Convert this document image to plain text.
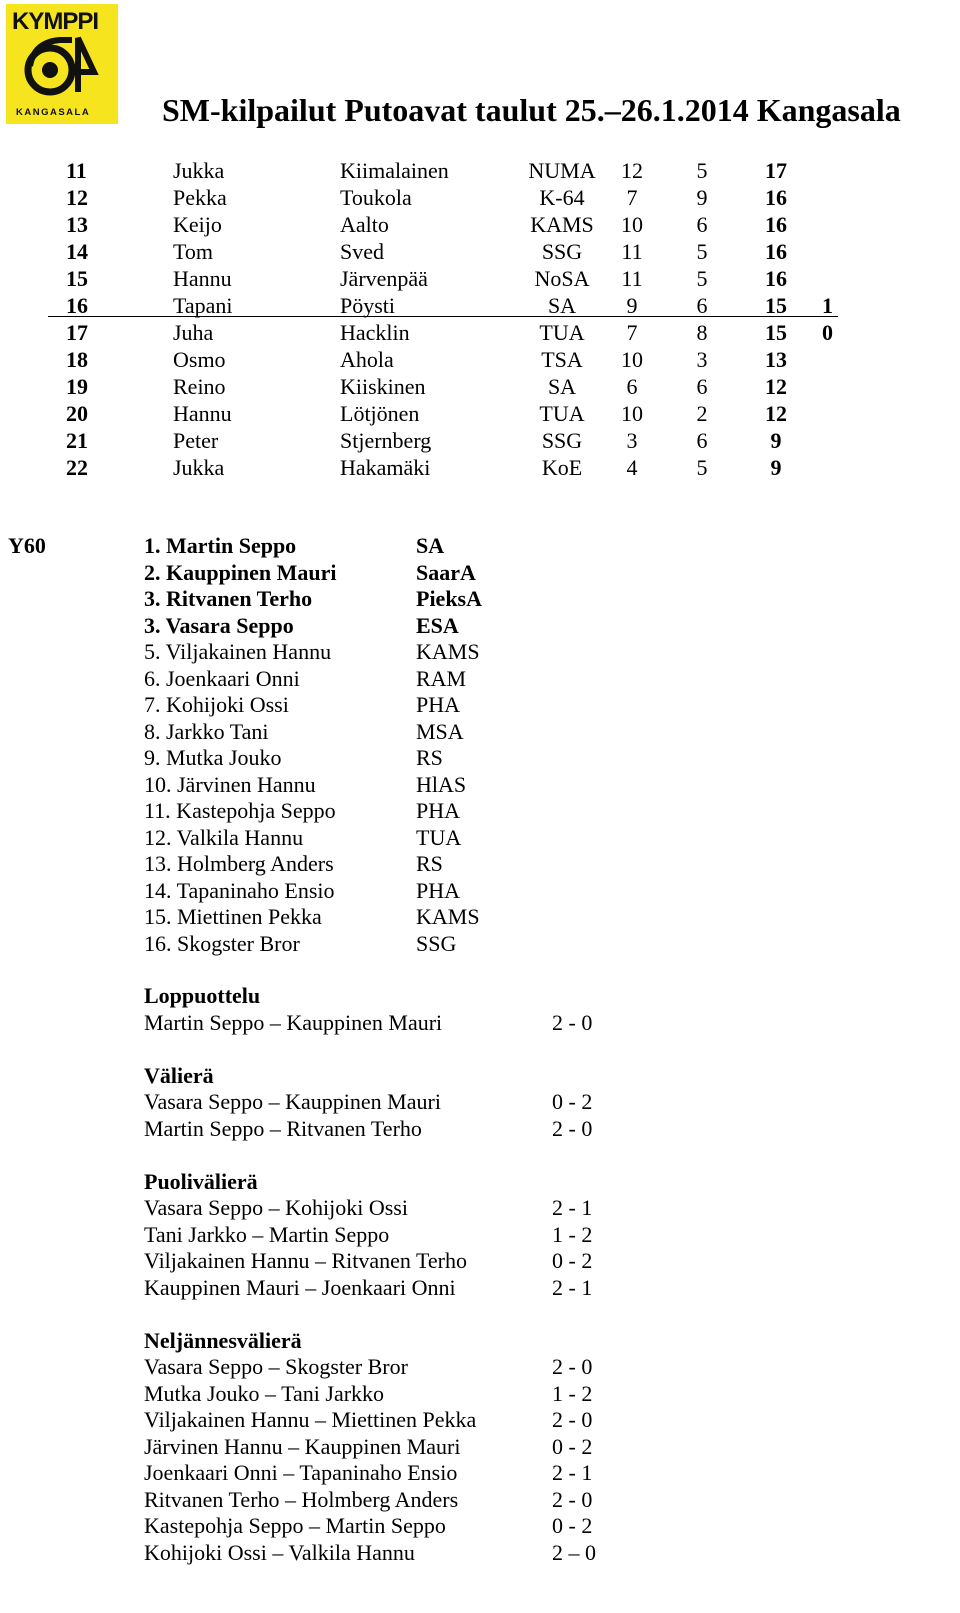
KYMPPI
KANGASALA SM-kilpailut Putoavat taulut 25.–26.1.2014 Kangasala
11	Jukka	Kiimalainen	NUMA	12	5	17
12	Pekka	Toukola	K-64	7	9	16
13	Keijo	Aalto	KAMS	10	6	16
14	Tom	Sved	SSG	11	5	16
15	Hannu	Järvenpää	NoSA	11	5	16
16	Tapani	Pöysti	SA	9	6	15	1
17	Juha	Hacklin	TUA	7	8	15	0
18	Osmo	Ahola	TSA	10	3	13
19	Reino	Kiiskinen	SA	6	6	12
20	Hannu	Lötjönen	TUA	10	2	12
21	Peter	Stjernberg	SSG	3	6	9
22	Jukka	Hakamäki	KoE	4	5	9
Y60	1. Martin Seppo	SA
2. Kauppinen Mauri	SaarA
3. Ritvanen Terho	PieksA
3. Vasara Seppo	ESA
5. Viljakainen Hannu	KAMS
6. Joenkaari Onni	RAM
7. Kohijoki Ossi	PHA
8. Jarkko Tani	MSA
9. Mutka Jouko	RS
10. Järvinen Hannu	HlAS
11. Kastepohja Seppo	PHA
12. Valkila Hannu	TUA
13. Holmberg Anders	RS
14. Tapaninaho Ensio	PHA
15. Miettinen Pekka	KAMS
16. Skogster Bror	SSG
Loppuottelu
Martin Seppo – Kauppinen Mauri	2 - 0
Välierä
Vasara Seppo – Kauppinen Mauri	0 - 2
Martin Seppo – Ritvanen Terho	2 - 0
Puolivälierä
Vasara Seppo – Kohijoki Ossi	2 - 1
Tani Jarkko – Martin Seppo	1 - 2
Viljakainen Hannu – Ritvanen Terho	0 - 2
Kauppinen Mauri – Joenkaari Onni	2 - 1
Neljännesvälierä
Vasara Seppo – Skogster Bror	2 - 0
Mutka Jouko – Tani Jarkko	1 - 2
Viljakainen Hannu – Miettinen Pekka	2 - 0
Järvinen Hannu – Kauppinen Mauri	0 - 2
Joenkaari Onni – Tapaninaho Ensio	2 - 1
Ritvanen Terho – Holmberg Anders	2 - 0
Kastepohja Seppo – Martin Seppo	0 - 2
Kohijoki Ossi – Valkila Hannu	2 – 0
